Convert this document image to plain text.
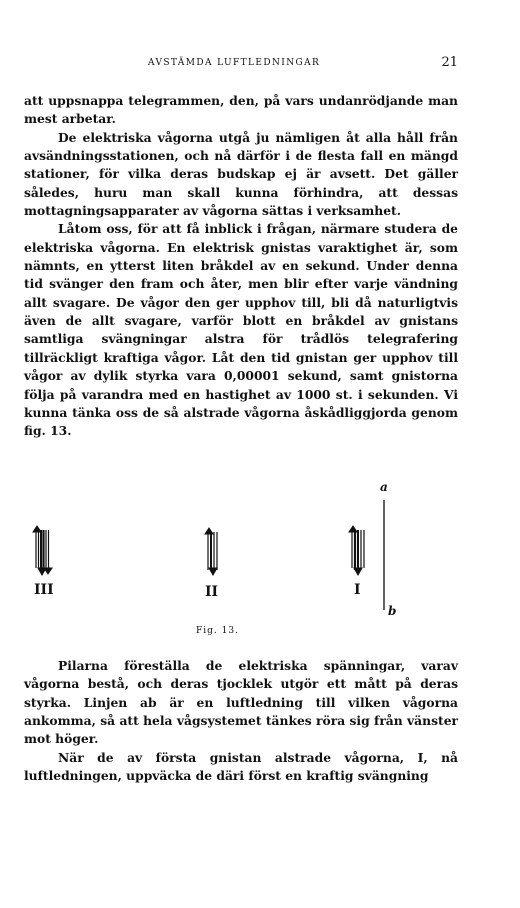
AVSTÄMDA LUFTLEDNINGAR	21

att uppsnappa telegrammen, den, på vars undanrödjande man mest arbetar.

De elektriska vågorna utgå ju nämligen åt alla håll från avsändningsstationen, och nå därför i de flesta fall en mängd stationer, för vilka deras budskap ej är avsett. Det gäller således, huru man skall kunna förhindra, att dessas mottagningsapparater av vågorna sättas i verksamhet.

Låtom oss, för att få inblick i frågan, närmare studera de elektriska vågorna. En elektrisk gnistas varaktighet är, som nämnts, en ytterst liten bråkdel av en sekund. Under denna tid svänger den fram och åter, men blir efter varje vändning allt svagare. De vågor den ger upphov till, bli då naturligtvis även de allt svagare, varför blott en bråkdel av gnistans samtliga svängningar alstra för trådlös telegrafering tillräckligt kraftiga vågor. Låt den tid gnistan ger upphov till vågor av dylik styrka vara 0,00001 sekund, samt gnistorna följa på varandra med en hastighet av 1000 st. i sekunden. Vi kunna tänka oss de så alstrade vågorna åskådliggjorda genom fig. 13.

III	II	I
a
b
Fig. 13.

Pilarna föreställa de elektriska spänningar, varav vågorna bestå, och deras tjocklek utgör ett mått på deras styrka. Linjen ab är en luftledning till vilken vågorna ankomma, så att hela vågsystemet tänkes röra sig från vänster mot höger.

När de av första gnistan alstrade vågorna, I, nå luftledningen, uppväcka de däri först en kraftig svängning
